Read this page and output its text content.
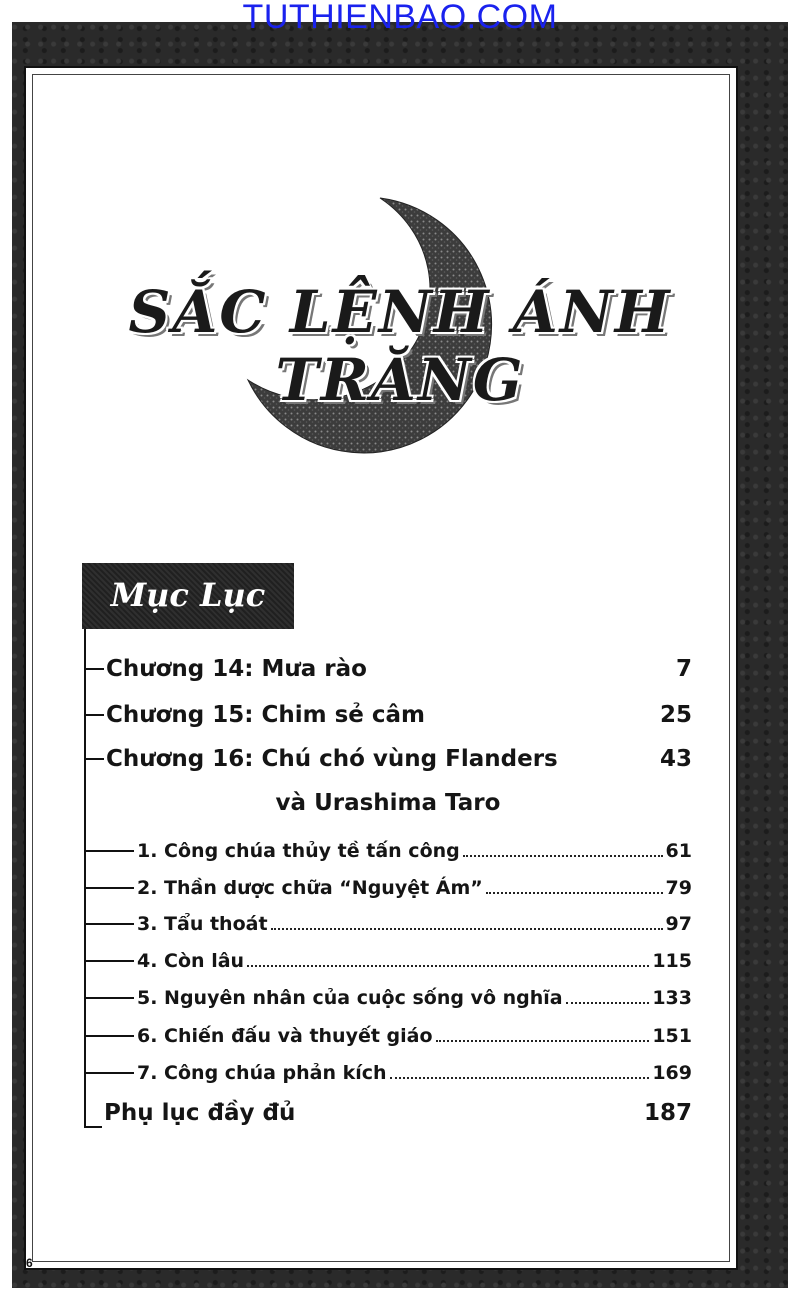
TUTHIENBAO.COM
SẮC LỆNH ÁNH TRĂNG
Mục Lục
Chương 14: Mưa rào	7
Chương 15: Chim sẻ câm	25
Chương 16: Chú chó vùng Flanders	43
và Urashima Taro
1. Công chúa thủy tề tấn công	61
2. Thần dược chữa “Nguyệt Ám”	79
3. Tẩu thoát	97
4. Còn lâu	115
5. Nguyên nhân của cuộc sống vô nghĩa	133
6. Chiến đấu và thuyết giáo	151
7. Công chúa phản kích	169
Phụ lục đầy đủ	187
6
